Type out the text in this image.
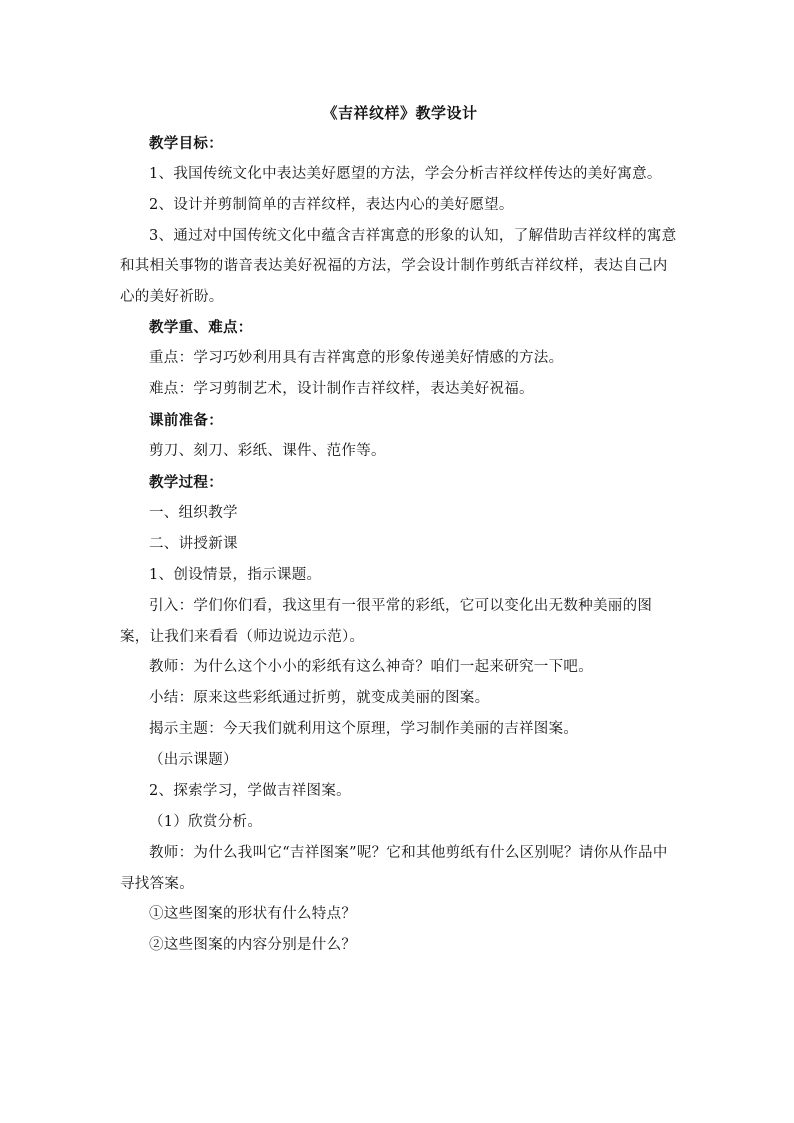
《吉祥纹样》教学设计

教学目标：

1、我国传统文化中表达美好愿望的方法，学会分析吉祥纹样传达的美好寓意。

2、设计并剪制简单的吉祥纹样，表达内心的美好愿望。

3、通过对中国传统文化中蕴含吉祥寓意的形象的认知，了解借助吉祥纹样的寓意和其相关事物的谐音表达美好祝福的方法，学会设计制作剪纸吉祥纹样，表达自己内心的美好祈盼。

教学重、难点：

重点：学习巧妙利用具有吉祥寓意的形象传递美好情感的方法。

难点：学习剪制艺术，设计制作吉祥纹样，表达美好祝福。

课前准备：

剪刀、刻刀、彩纸、课件、范作等。

教学过程：

一、组织教学

二、讲授新课

1、创设情景，指示课题。

引入：学们你们看，我这里有一很平常的彩纸，它可以变化出无数种美丽的图案，让我们来看看（师边说边示范）。

教师：为什么这个小小的彩纸有这么神奇？咱们一起来研究一下吧。

小结：原来这些彩纸通过折剪，就变成美丽的图案。

揭示主题：今天我们就利用这个原理，学习制作美丽的吉祥图案。

（出示课题）

2、探索学习，学做吉祥图案。

（1）欣赏分析。

教师：为什么我叫它“吉祥图案”呢？它和其他剪纸有什么区别呢？请你从作品中寻找答案。

①这些图案的形状有什么特点？

②这些图案的内容分别是什么？
